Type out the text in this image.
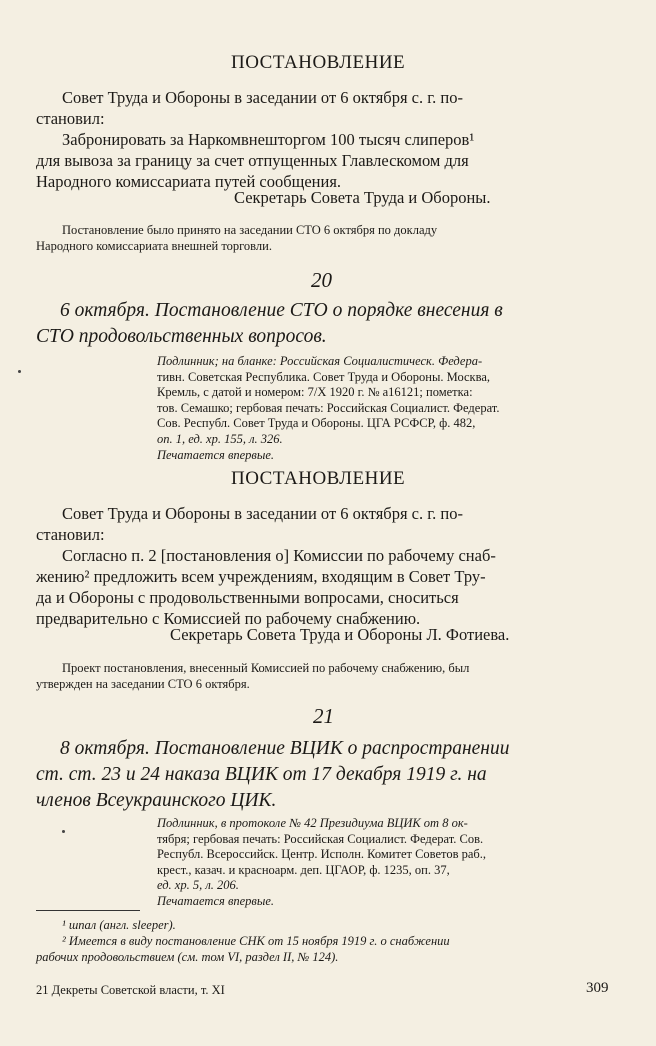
ПОСТАНОВЛЕНИЕ
Совет Труда и Обороны в заседании от 6 октября с. г. по-
становил:
Забронировать за Наркомвнешторгом 100 тысяч слиперов¹
для вывоза за границу за счет отпущенных Главлескомом для
Народного комиссариата путей сообщения.
Секретарь Совета Труда и Обороны.
Постановление было принято на заседании СТО 6 октября по докладу
Народного комиссариата внешней торговли.
20
6 октября. Постановление СТО о порядке внесения в
СТО продовольственных вопросов.
Подлинник; на бланке: Российская Социалистическ. Федера-
тивн. Советская Республика. Совет Труда и Обороны. Москва,
Кремль, с датой и номером: 7/Х 1920 г. № а16121; пометка:
тов. Семашко; гербовая печать: Российская Социалист. Федерат.
Сов. Республ. Совет Труда и Обороны. ЦГА РСФСР, ф. 482,
оп. 1, ед. хр. 155, л. 326.
Печатается впервые.
ПОСТАНОВЛЕНИЕ
Совет Труда и Обороны в заседании от 6 октября с. г. по-
становил:
Согласно п. 2 [постановления о] Комиссии по рабочему снаб-
жению² предложить всем учреждениям, входящим в Совет Тру-
да и Обороны с продовольственными вопросами, сноситься
предварительно с Комиссией по рабочему снабжению.
Секретарь Совета Труда и Обороны Л. Фотиева.
Проект постановления, внесенный Комиссией по рабочему снабжению, был
утвержден на заседании СТО 6 октября.
21
8 октября. Постановление ВЦИК о распространении
ст. ст. 23 и 24 наказа ВЦИК от 17 декабря 1919 г. на
членов Всеукраинского ЦИК.
Подлинник, в протоколе № 42 Президиума ВЦИК от 8 ок-
тября; гербовая печать: Российская Социалист. Федерат. Сов.
Республ. Всероссийск. Центр. Исполн. Комитет Советов раб.,
крест., казач. и красноарм. деп. ЦГАОР, ф. 1235, оп. 37,
ед. хр. 5, л. 206.
Печатается впервые.
¹ шпал (англ. sleeper).
² Имеется в виду постановление СНК от 15 ноября 1919 г. о снабжении
рабочих продовольствием (см. том VI, раздел II, № 124).
21 Декреты Советской власти, т. XI	309
